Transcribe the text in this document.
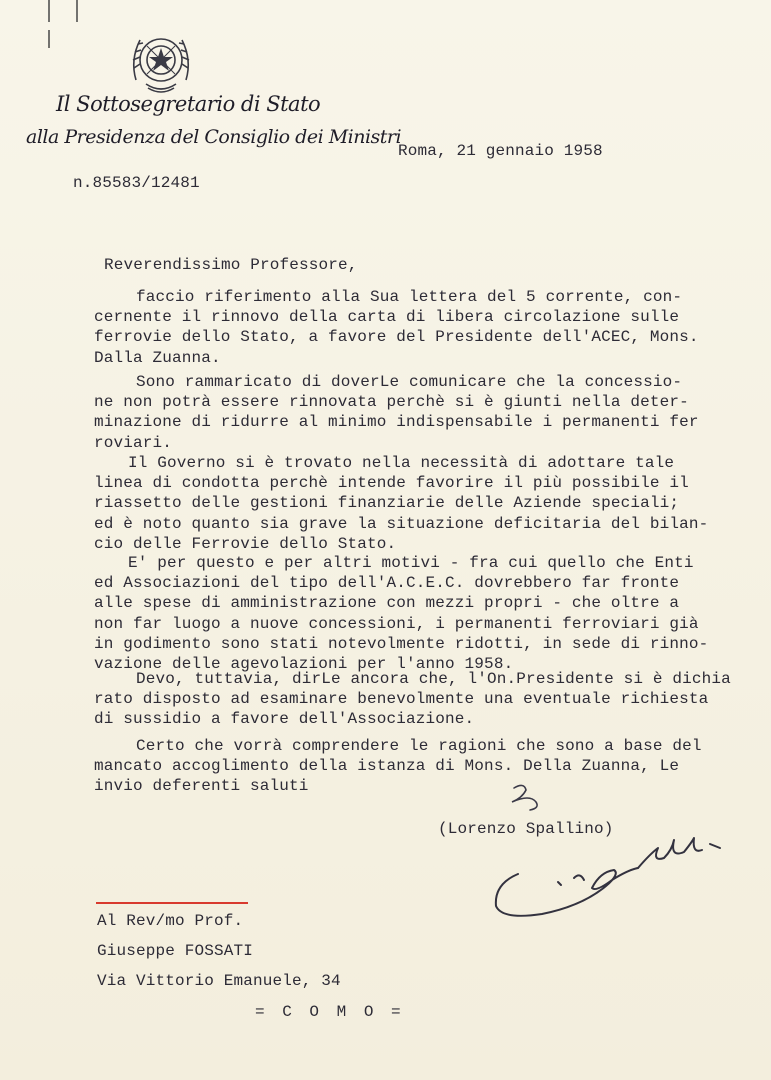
Il Sottosegretario di Stato
alla Presidenza del Consiglio dei Ministri
Roma, 21 gennaio 1958
n.85583/12481
Reverendissimo Professore,
faccio riferimento alla Sua lettera del 5 corrente, con-
cernente il rinnovo della carta di libera circolazione sulle
ferrovie dello Stato, a favore del Presidente dell'ACEC, Mons.
Dalla Zuanna.
Sono rammaricato di doverLe comunicare che la concessio-
ne non potrà essere rinnovata perchè si è giunti nella deter-
minazione di ridurre al minimo indispensabile i permanenti fer
roviari.
Il Governo si è trovato nella necessità di adottare tale
linea di condotta perchè intende favorire il più possibile il
riassetto delle gestioni finanziarie delle Aziende speciali;
ed è noto quanto sia grave la situazione deficitaria del bilan-
cio delle Ferrovie dello Stato.
E' per questo e per altri motivi - fra cui quello che Enti
ed Associazioni del tipo dell'A.C.E.C. dovrebbero far fronte
alle spese di amministrazione con mezzi propri - che oltre a
non far luogo a nuove concessioni, i permanenti ferroviari già
in godimento sono stati notevolmente ridotti, in sede di rinno-
vazione delle agevolazioni per l'anno 1958.
Devo, tuttavia, dirLe ancora che, l'On.Presidente si è dichia
rato disposto ad esaminare benevolmente una eventuale richiesta
di sussidio a favore dell'Associazione.
Certo che vorrà comprendere le ragioni che sono a base del
mancato accoglimento della istanza di Mons. Della Zuanna, Le
invio deferenti saluti
(Lorenzo Spallino)
Al Rev/mo Prof.
Giuseppe FOSSATI
Via Vittorio Emanuele, 34
= C O M O =
